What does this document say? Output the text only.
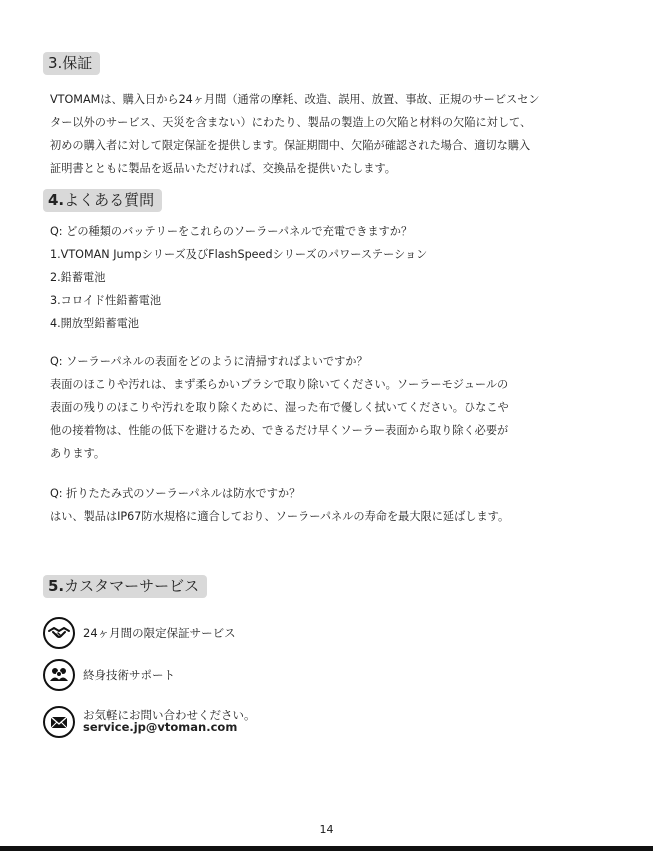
3.保証
VTOMAMは、購入日から24ヶ月間（通常の摩耗、改造、誤用、放置、事故、正規のサービスセン
ター以外のサービス、天災を含まない）にわたり、製品の製造上の欠陥と材料の欠陥に対して、
初めの購入者に対して限定保証を提供します。保証期間中、欠陥が確認された場合、適切な購入
証明書とともに製品を返品いただければ、交換品を提供いたします。
4.よくある質問
Q: どの種類のバッテリーをこれらのソーラーパネルで充電できますか？
1.VTOMAN Jumpシリーズ及びFlashSpeedシリーズのパワーステーション
2.鉛蓄電池
3.コロイド性鉛蓄電池
4.開放型鉛蓄電池
Q: ソーラーパネルの表面をどのように清掃すればよいですか？
表面のほこりや汚れは、まず柔らかいブラシで取り除いてください。ソーラーモジュールの
表面の残りのほこりや汚れを取り除くために、湿った布で優しく拭いてください。ひなこや
他の接着物は、性能の低下を避けるため、できるだけ早くソーラー表面から取り除く必要が
あります。
Q: 折りたたみ式のソーラーパネルは防水ですか？
はい、製品はIP67防水規格に適合しており、ソーラーパネルの寿命を最大限に延ばします。
5.カスタマーサービス
24ヶ月間の限定保証サービス
終身技術サポート
お気軽にお問い合わせください。
service.jp@vtoman.com
14
